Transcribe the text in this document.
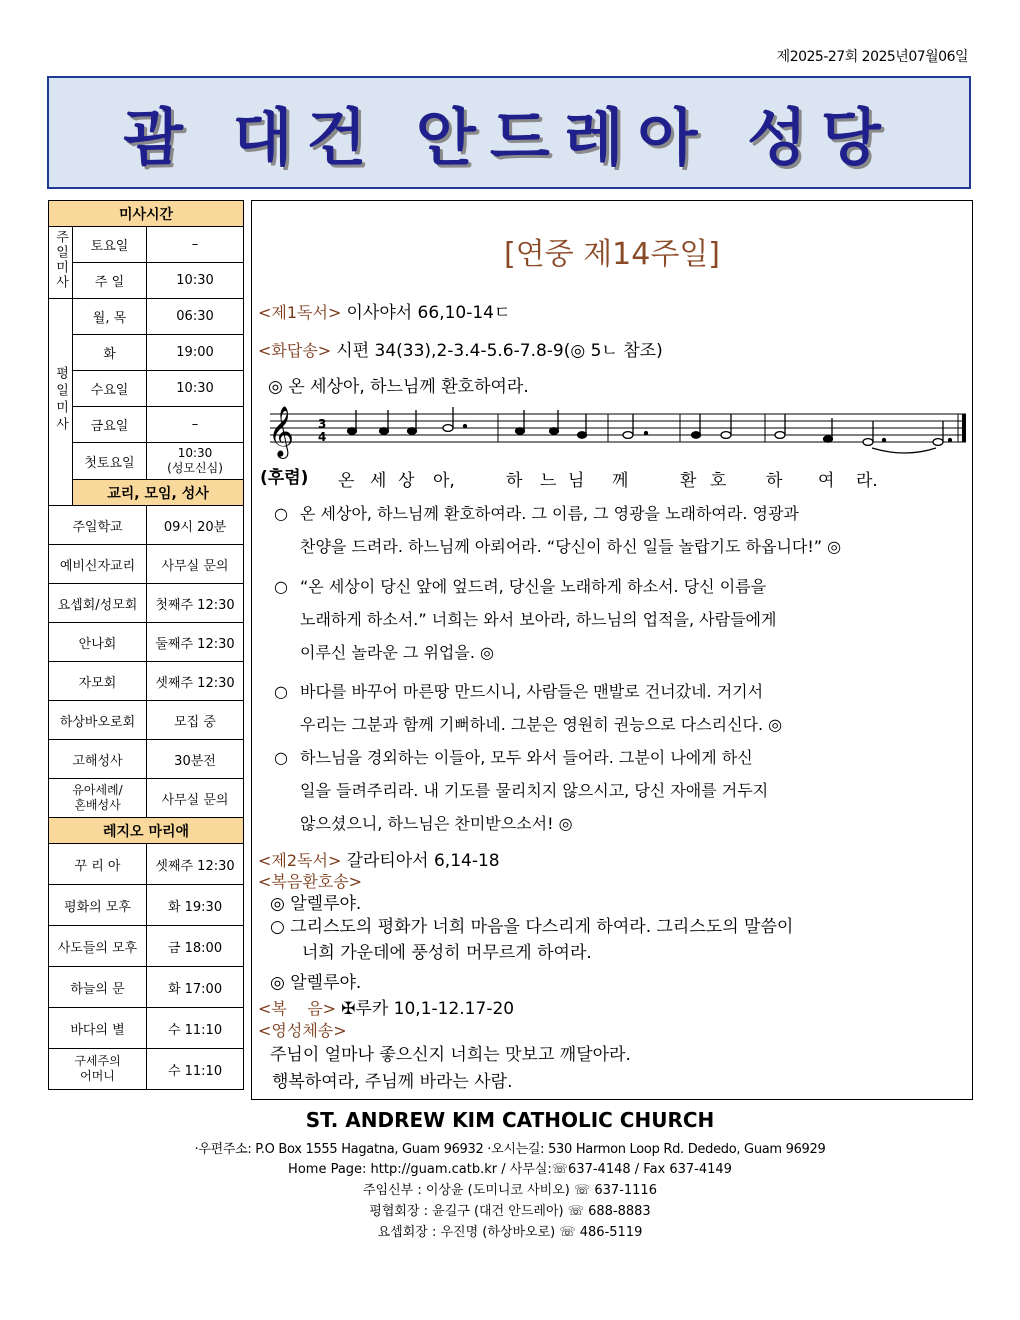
제2025-27회 2025년07월06일
괌 대건 안드레아 성당
미사시간		
주일미사	토요일	–
	주 일	10:30
평일미사	월, 목	06:30
	화	19:00
	수요일	10:30
	금요일	–
	첫토요일	10:30
(성모신심)
	교리, 모임, 성사	
주일학교		09시 20분
예비신자교리		사무실 문의
요셉회/성모회		첫째주 12:30
안나회		둘째주 12:30
자모회		셋째주 12:30
하상바오로회		모집 중
고해성사		30분전
유아세례/
혼배성사		사무실 문의
레지오 마리애		
꾸 리 아		셋째주 12:30
평화의 모후		화 19:30
사도들의 모후		금 18:00
하늘의 문		화 17:00
바다의 별		수 11:10
구세주의
어머니		수 11:10
[연중 제14주일]
<제1독서> 이사야서 66,10-14ㄷ
<화답송> 시편 34(33),2-3.4-5.6-7.8-9(◎ 5ㄴ 참조)
◎ 온 세상아, 하느님께 환호하여라.
𝄞 3
4
(후렴) 온 세 상 아,	하 느 님 께	환 호 하 여 라.
○ 온 세상아, 하느님께 환호하여라. 그 이름, 그 영광을 노래하여라. 영광과
찬양을 드려라. 하느님께 아뢰어라. “당신이 하신 일들 놀랍기도 하옵니다!” ◎
○ “온 세상이 당신 앞에 엎드려, 당신을 노래하게 하소서. 당신 이름을
노래하게 하소서.” 너희는 와서 보아라, 하느님의 업적을, 사람들에게
이루신 놀라운 그 위업을. ◎
○ 바다를 바꾸어 마른땅 만드시니, 사람들은 맨발로 건너갔네. 거기서
우리는 그분과 함께 기뻐하네. 그분은 영원히 권능으로 다스리신다. ◎
○ 하느님을 경외하는 이들아, 모두 와서 들어라. 그분이 나에게 하신
일을 들려주리라. 내 기도를 물리치지 않으시고, 당신 자애를 거두지
않으셨으니, 하느님은 찬미받으소서! ◎
<제2독서> 갈라티아서 6,14-18
<복음환호송>
◎ 알렐루야.
○ 그리스도의 평화가 너희 마음을 다스리게 하여라. 그리스도의 말씀이
너희 가운데에 풍성히 머무르게 하여라.
◎ 알렐루야.
<복    음> ✠루카 10,1-12.17-20
<영성체송>
주님이 얼마나 좋으신지 너희는 맛보고 깨달아라.
행복하여라, 주님께 바라는 사람.
ST. ANDREW KIM CATHOLIC CHURCH
·우편주소: P.O Box 1555 Hagatna, Guam 96932 ·오시는길: 530 Harmon Loop Rd. Dededo, Guam 96929
Home Page: http://guam.catb.kr / 사무실:☏637-4148 / Fax 637-4149
주임신부 : 이상윤 (도미니코 사비오) ☏ 637-1116
평협회장 : 윤길구 (대건 안드레아) ☏ 688-8883
요셉회장 : 우진명 (하상바오로) ☏ 486-5119
